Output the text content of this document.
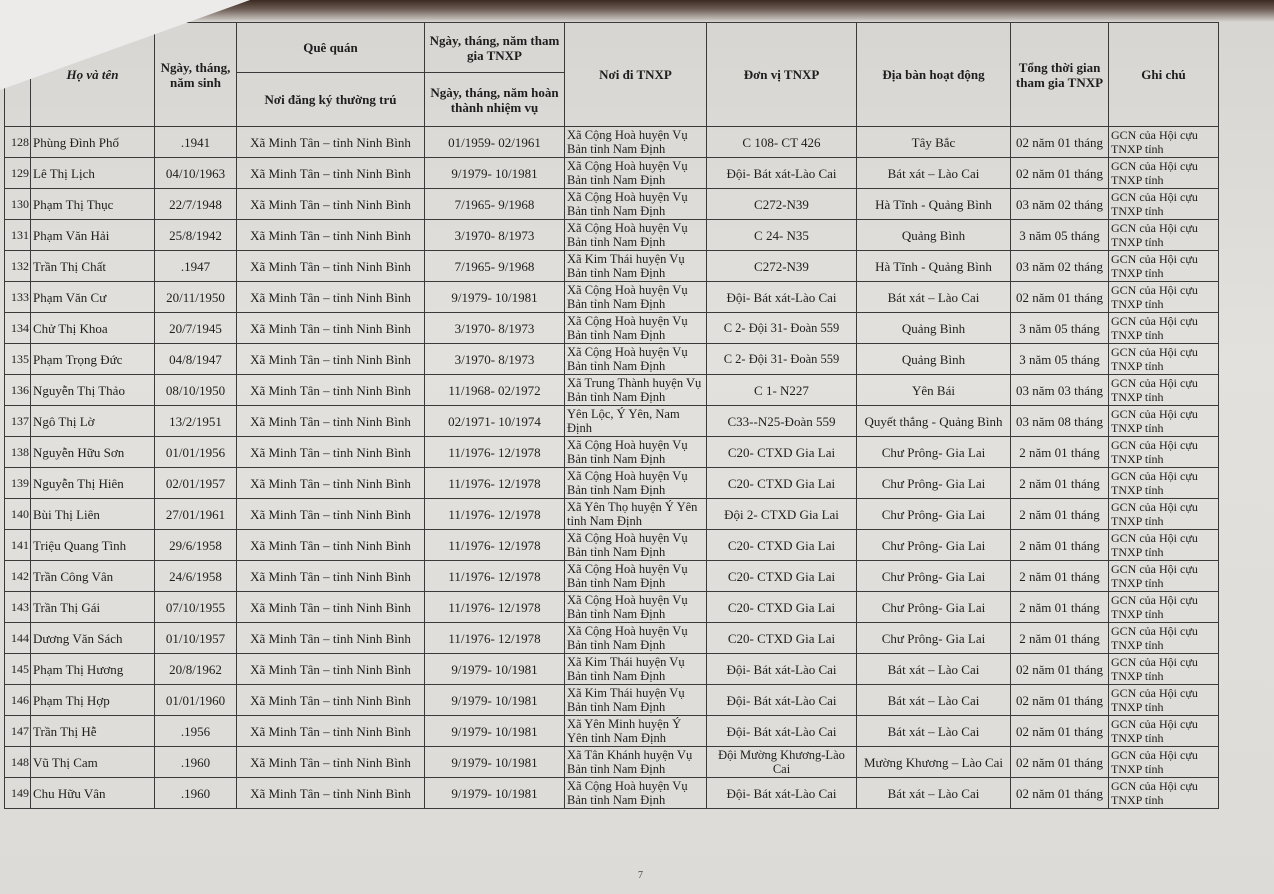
	Họ và tên	Ngày, tháng, năm sinh	Quê quán	Ngày, tháng, năm tham gia TNXP	Nơi đi TNXP	Đơn vị TNXP	Địa bàn hoạt động	Tổng thời gian tham gia TNXP	Ghi chú
			Nơi đăng ký thường trú	Ngày, tháng, năm hoàn thành nhiệm vụ					
128	Phùng Đình Phố	.1941	Xã Minh Tân – tỉnh Ninh Bình	01/1959- 02/1961	Xã Cộng Hoà huyện Vụ Bản tỉnh Nam Định	C 108- CT 426	Tây Bắc	02 năm 01 tháng	GCN của Hội cựu TNXP tỉnh
129	Lê Thị Lịch	04/10/1963	Xã Minh Tân – tỉnh Ninh Bình	9/1979- 10/1981	Xã Cộng Hoà huyện Vụ Bản tỉnh Nam Định	Đội- Bát xát-Lào Cai	Bát xát – Lào Cai	02 năm 01 tháng	GCN của Hội cựu TNXP tỉnh
130	Phạm Thị Thục	22/7/1948	Xã Minh Tân – tỉnh Ninh Bình	7/1965- 9/1968	Xã Cộng Hoà huyện Vụ Bản tỉnh Nam Định	C272-N39	Hà Tĩnh - Quảng Bình	03 năm 02 tháng	GCN của Hội cựu TNXP tỉnh
131	Phạm Văn Hải	25/8/1942	Xã Minh Tân – tỉnh Ninh Bình	3/1970- 8/1973	Xã Cộng Hoà huyện Vụ Bản tỉnh Nam Định	C 24- N35	Quảng Bình	3 năm 05 tháng	GCN của Hội cựu TNXP tỉnh
132	Trần Thị Chất	.1947	Xã Minh Tân – tỉnh Ninh Bình	7/1965- 9/1968	Xã Kim Thái huyện Vụ Bản tỉnh Nam Định	C272-N39	Hà Tĩnh - Quảng Bình	03 năm 02 tháng	GCN của Hội cựu TNXP tỉnh
133	Phạm Văn Cư	20/11/1950	Xã Minh Tân – tỉnh Ninh Bình	9/1979- 10/1981	Xã Cộng Hoà huyện Vụ Bản tỉnh Nam Định	Đội- Bát xát-Lào Cai	Bát xát – Lào Cai	02 năm 01 tháng	GCN của Hội cựu TNXP tỉnh
134	Chử Thị Khoa	20/7/1945	Xã Minh Tân – tỉnh Ninh Bình	3/1970- 8/1973	Xã Cộng Hoà huyện Vụ Bản tỉnh Nam Định	C 2- Đội 31- Đoàn 559	Quảng Bình	3 năm 05 tháng	GCN của Hội cựu TNXP tỉnh
135	Phạm Trọng Đức	04/8/1947	Xã Minh Tân – tỉnh Ninh Bình	3/1970- 8/1973	Xã Cộng Hoà huyện Vụ Bản tỉnh Nam Định	C 2- Đội 31- Đoàn 559	Quảng Bình	3 năm 05 tháng	GCN của Hội cựu TNXP tỉnh
136	Nguyễn Thị Thảo	08/10/1950	Xã Minh Tân – tỉnh Ninh Bình	11/1968- 02/1972	Xã Trung Thành huyện Vụ Bản tỉnh Nam Định	C 1- N227	Yên Bái	03 năm 03 tháng	GCN của Hội cựu TNXP tỉnh
137	Ngô Thị Lờ	13/2/1951	Xã Minh Tân – tỉnh Ninh Bình	02/1971- 10/1974	Yên Lộc, Ý Yên, Nam Định	C33--N25-Đoàn 559	Quyết thắng - Quảng Bình	03 năm 08 tháng	GCN của Hội cựu TNXP tỉnh
138	Nguyễn Hữu Sơn	01/01/1956	Xã Minh Tân – tỉnh Ninh Bình	11/1976- 12/1978	Xã Cộng Hoà huyện Vụ Bản tỉnh Nam Định	C20- CTXD Gia Lai	Chư Prông- Gia Lai	2 năm 01 tháng	GCN của Hội cựu TNXP tỉnh
139	Nguyễn Thị Hiên	02/01/1957	Xã Minh Tân – tỉnh Ninh Bình	11/1976- 12/1978	Xã Cộng Hoà huyện Vụ Bản tỉnh Nam Định	C20- CTXD Gia Lai	Chư Prông- Gia Lai	2 năm 01 tháng	GCN của Hội cựu TNXP tỉnh
140	Bùi Thị Liên	27/01/1961	Xã Minh Tân – tỉnh Ninh Bình	11/1976- 12/1978	Xã Yên Thọ huyện Ý Yên tỉnh Nam Định	Đội 2- CTXD Gia Lai	Chư Prông- Gia Lai	2 năm 01 tháng	GCN của Hội cựu TNXP tỉnh
141	Triệu Quang Tình	29/6/1958	Xã Minh Tân – tỉnh Ninh Bình	11/1976- 12/1978	Xã Cộng Hoà huyện Vụ Bản tỉnh Nam Định	C20- CTXD Gia Lai	Chư Prông- Gia Lai	2 năm 01 tháng	GCN của Hội cựu TNXP tỉnh
142	Trần Công Vân	24/6/1958	Xã Minh Tân – tỉnh Ninh Bình	11/1976- 12/1978	Xã Cộng Hoà huyện Vụ Bản tỉnh Nam Định	C20- CTXD Gia Lai	Chư Prông- Gia Lai	2 năm 01 tháng	GCN của Hội cựu TNXP tỉnh
143	Trần Thị Gái	07/10/1955	Xã Minh Tân – tỉnh Ninh Bình	11/1976- 12/1978	Xã Cộng Hoà huyện Vụ Bản tỉnh Nam Định	C20- CTXD Gia Lai	Chư Prông- Gia Lai	2 năm 01 tháng	GCN của Hội cựu TNXP tỉnh
144	Dương Văn Sách	01/10/1957	Xã Minh Tân – tỉnh Ninh Bình	11/1976- 12/1978	Xã Cộng Hoà huyện Vụ Bản tỉnh Nam Định	C20- CTXD Gia Lai	Chư Prông- Gia Lai	2 năm 01 tháng	GCN của Hội cựu TNXP tỉnh
145	Phạm Thị Hương	20/8/1962	Xã Minh Tân – tỉnh Ninh Bình	9/1979- 10/1981	Xã Kim Thái huyện Vụ Bản tỉnh Nam Định	Đội- Bát xát-Lào Cai	Bát xát – Lào Cai	02 năm 01 tháng	GCN của Hội cựu TNXP tỉnh
146	Phạm Thị Hợp	01/01/1960	Xã Minh Tân – tỉnh Ninh Bình	9/1979- 10/1981	Xã Kim Thái huyện Vụ Bản tỉnh Nam Định	Đội- Bát xát-Lào Cai	Bát xát – Lào Cai	02 năm 01 tháng	GCN của Hội cựu TNXP tỉnh
147	Trần Thị Hễ	.1956	Xã Minh Tân – tỉnh Ninh Bình	9/1979- 10/1981	Xã Yên Minh huyện Ý Yên tỉnh Nam Định	Đội- Bát xát-Lào Cai	Bát xát – Lào Cai	02 năm 01 tháng	GCN của Hội cựu TNXP tỉnh
148	Vũ Thị Cam	.1960	Xã Minh Tân – tỉnh Ninh Bình	9/1979- 10/1981	Xã Tân Khánh huyện Vụ Bản tỉnh Nam Định	Đội Mường Khương-Lào Cai	Mường Khương – Lào Cai	02 năm 01 tháng	GCN của Hội cựu TNXP tỉnh
149	Chu Hữu Vân	.1960	Xã Minh Tân – tỉnh Ninh Bình	9/1979- 10/1981	Xã Cộng Hoà huyện Vụ Bản tỉnh Nam Định	Đội- Bát xát-Lào Cai	Bát xát – Lào Cai	02 năm 01 tháng	GCN của Hội cựu TNXP tỉnh
7
